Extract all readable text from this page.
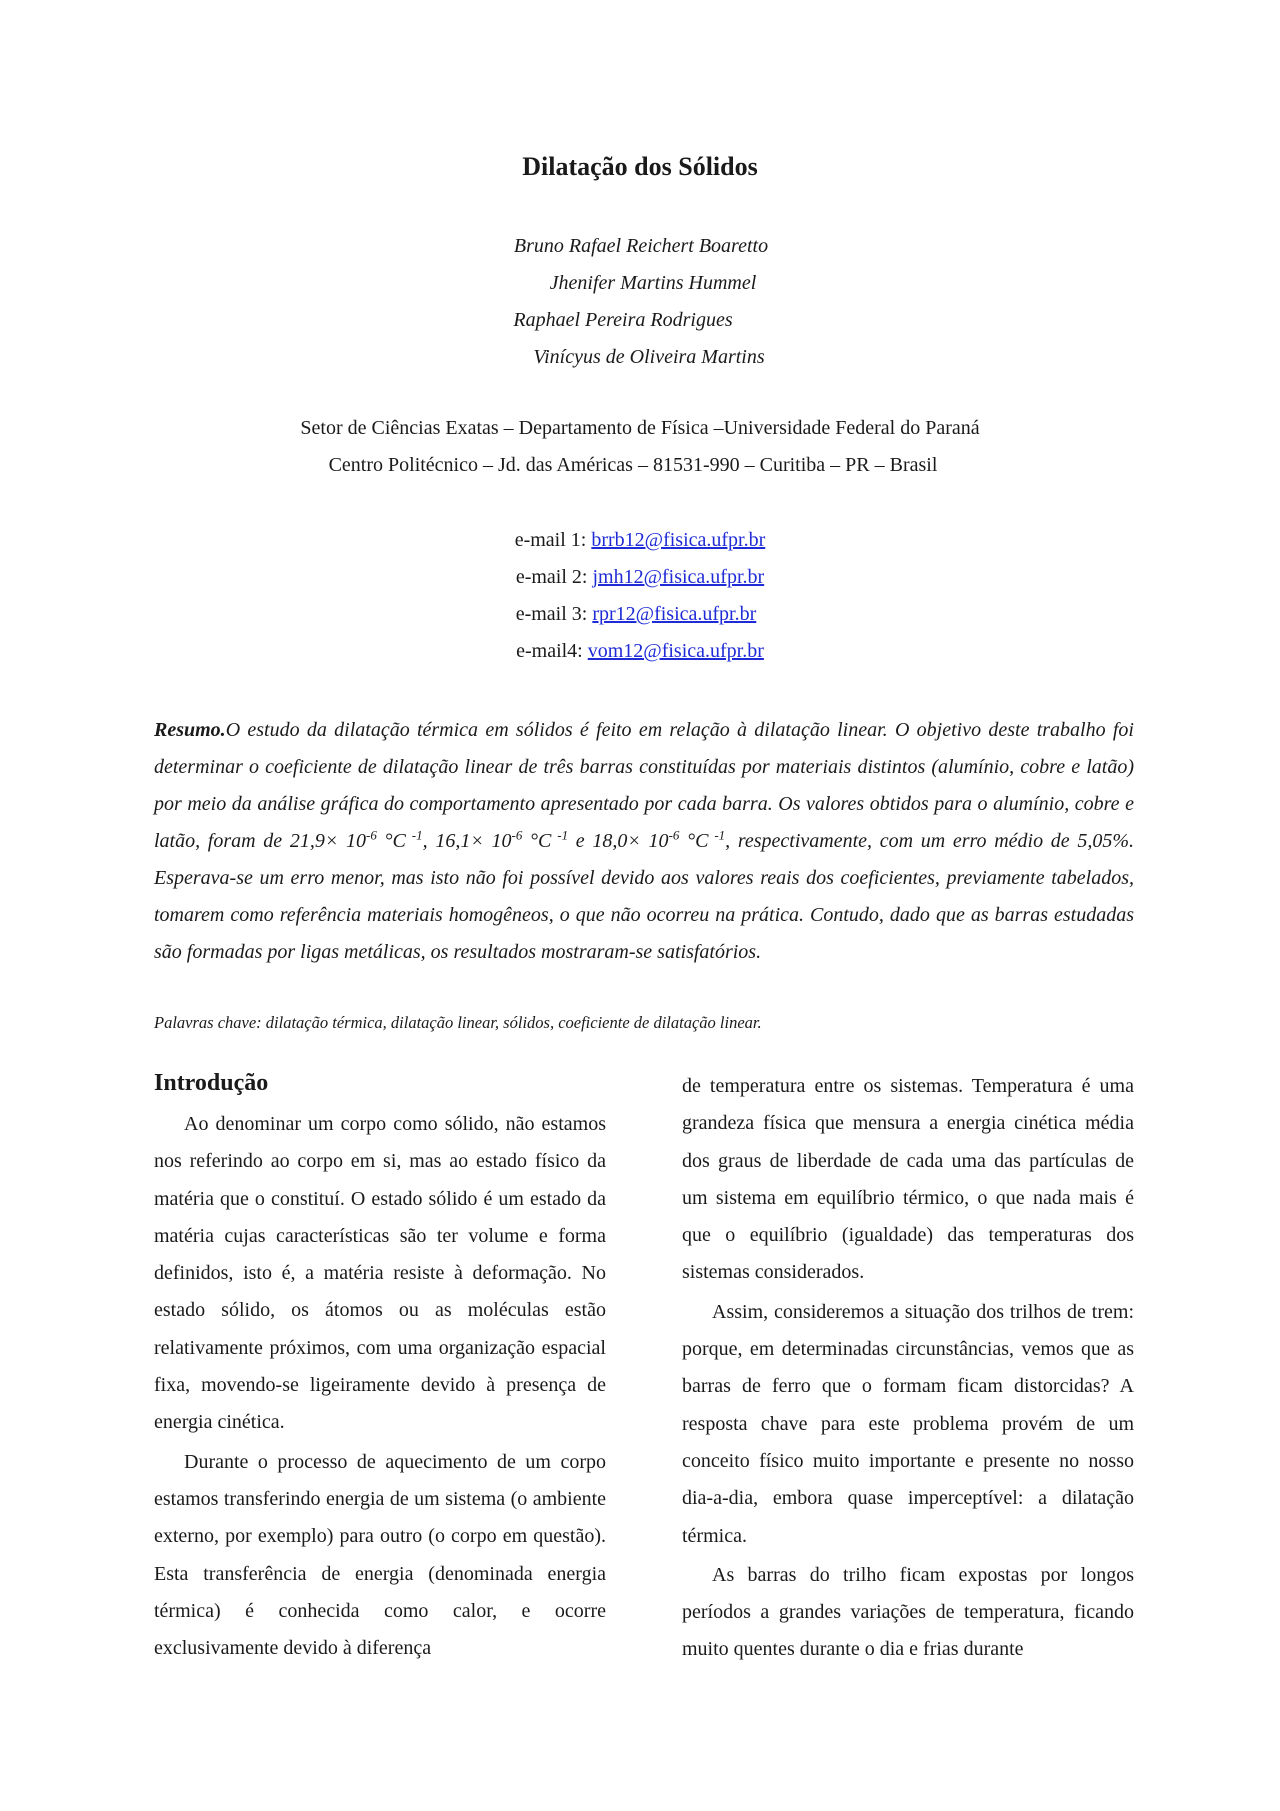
Dilatação dos Sólidos
Bruno Rafael Reichert Boaretto
Jhenifer Martins Hummel
Raphael Pereira Rodrigues
Vinícyus de Oliveira Martins
Setor de Ciências Exatas – Departamento de Física –Universidade Federal do Paraná
Centro Politécnico – Jd. das Américas – 81531-990 – Curitiba – PR – Brasil
e-mail 1: brrb12@fisica.ufpr.br
e-mail 2: jmh12@fisica.ufpr.br
e-mail 3: rpr12@fisica.ufpr.br
e-mail4: vom12@fisica.ufpr.br
Resumo.O estudo da dilatação térmica em sólidos é feito em relação à dilatação linear. O objetivo deste trabalho foi determinar o coeficiente de dilatação linear de três barras constituídas por materiais distintos (alumínio, cobre e latão) por meio da análise gráfica do comportamento apresentado por cada barra. Os valores obtidos para o alumínio, cobre e latão, foram de $21,9\times 10^{-6}$ °C $^{-1}$, $16,1\times 10^{-6}$ °C $^{-1}$ e $18,0\times 10^{-6}$ °C $^{-1}$, respectivamente, com um erro médio de 5,05%. Esperava-se um erro menor, mas isto não foi possível devido aos valores reais dos coeficientes, previamente tabelados, tomarem como referência materiais homogêneos, o que não ocorreu na prática. Contudo, dado que as barras estudadas são formadas por ligas metálicas, os resultados mostraram-se satisfatórios.
Palavras chave: dilatação térmica, dilatação linear, sólidos, coeficiente de dilatação linear.
Introdução

Ao denominar um corpo como sólido, não estamos nos referindo ao corpo em si, mas ao estado físico da matéria que o constituí. O estado sólido é um estado da matéria cujas características são ter volume e forma definidos, isto é, a matéria resiste à deformação. No estado sólido, os átomos ou as moléculas estão relativamente próximos, com uma organização espacial fixa, movendo-se ligeiramente devido à presença de energia cinética.

Durante o processo de aquecimento de um corpo estamos transferindo energia de um sistema (o ambiente externo, por exemplo) para outro (o corpo em questão). Esta transferência de energia (denominada energia térmica) é conhecida como calor, e ocorre exclusivamente devido à diferença

de temperatura entre os sistemas. Temperatura é uma grandeza física que mensura a energia cinética média dos graus de liberdade de cada uma das partículas de um sistema em equilíbrio térmico, o que nada mais é que o equilíbrio (igualdade) das temperaturas dos sistemas considerados.

Assim, consideremos a situação dos trilhos de trem: porque, em determinadas circunstâncias, vemos que as barras de ferro que o formam ficam distorcidas? A resposta chave para este problema provém de um conceito físico muito importante e presente no nosso dia-a-dia, embora quase imperceptível: a dilatação térmica.

As barras do trilho ficam expostas por longos períodos a grandes variações de temperatura, ficando muito quentes durante o dia e frias durante
